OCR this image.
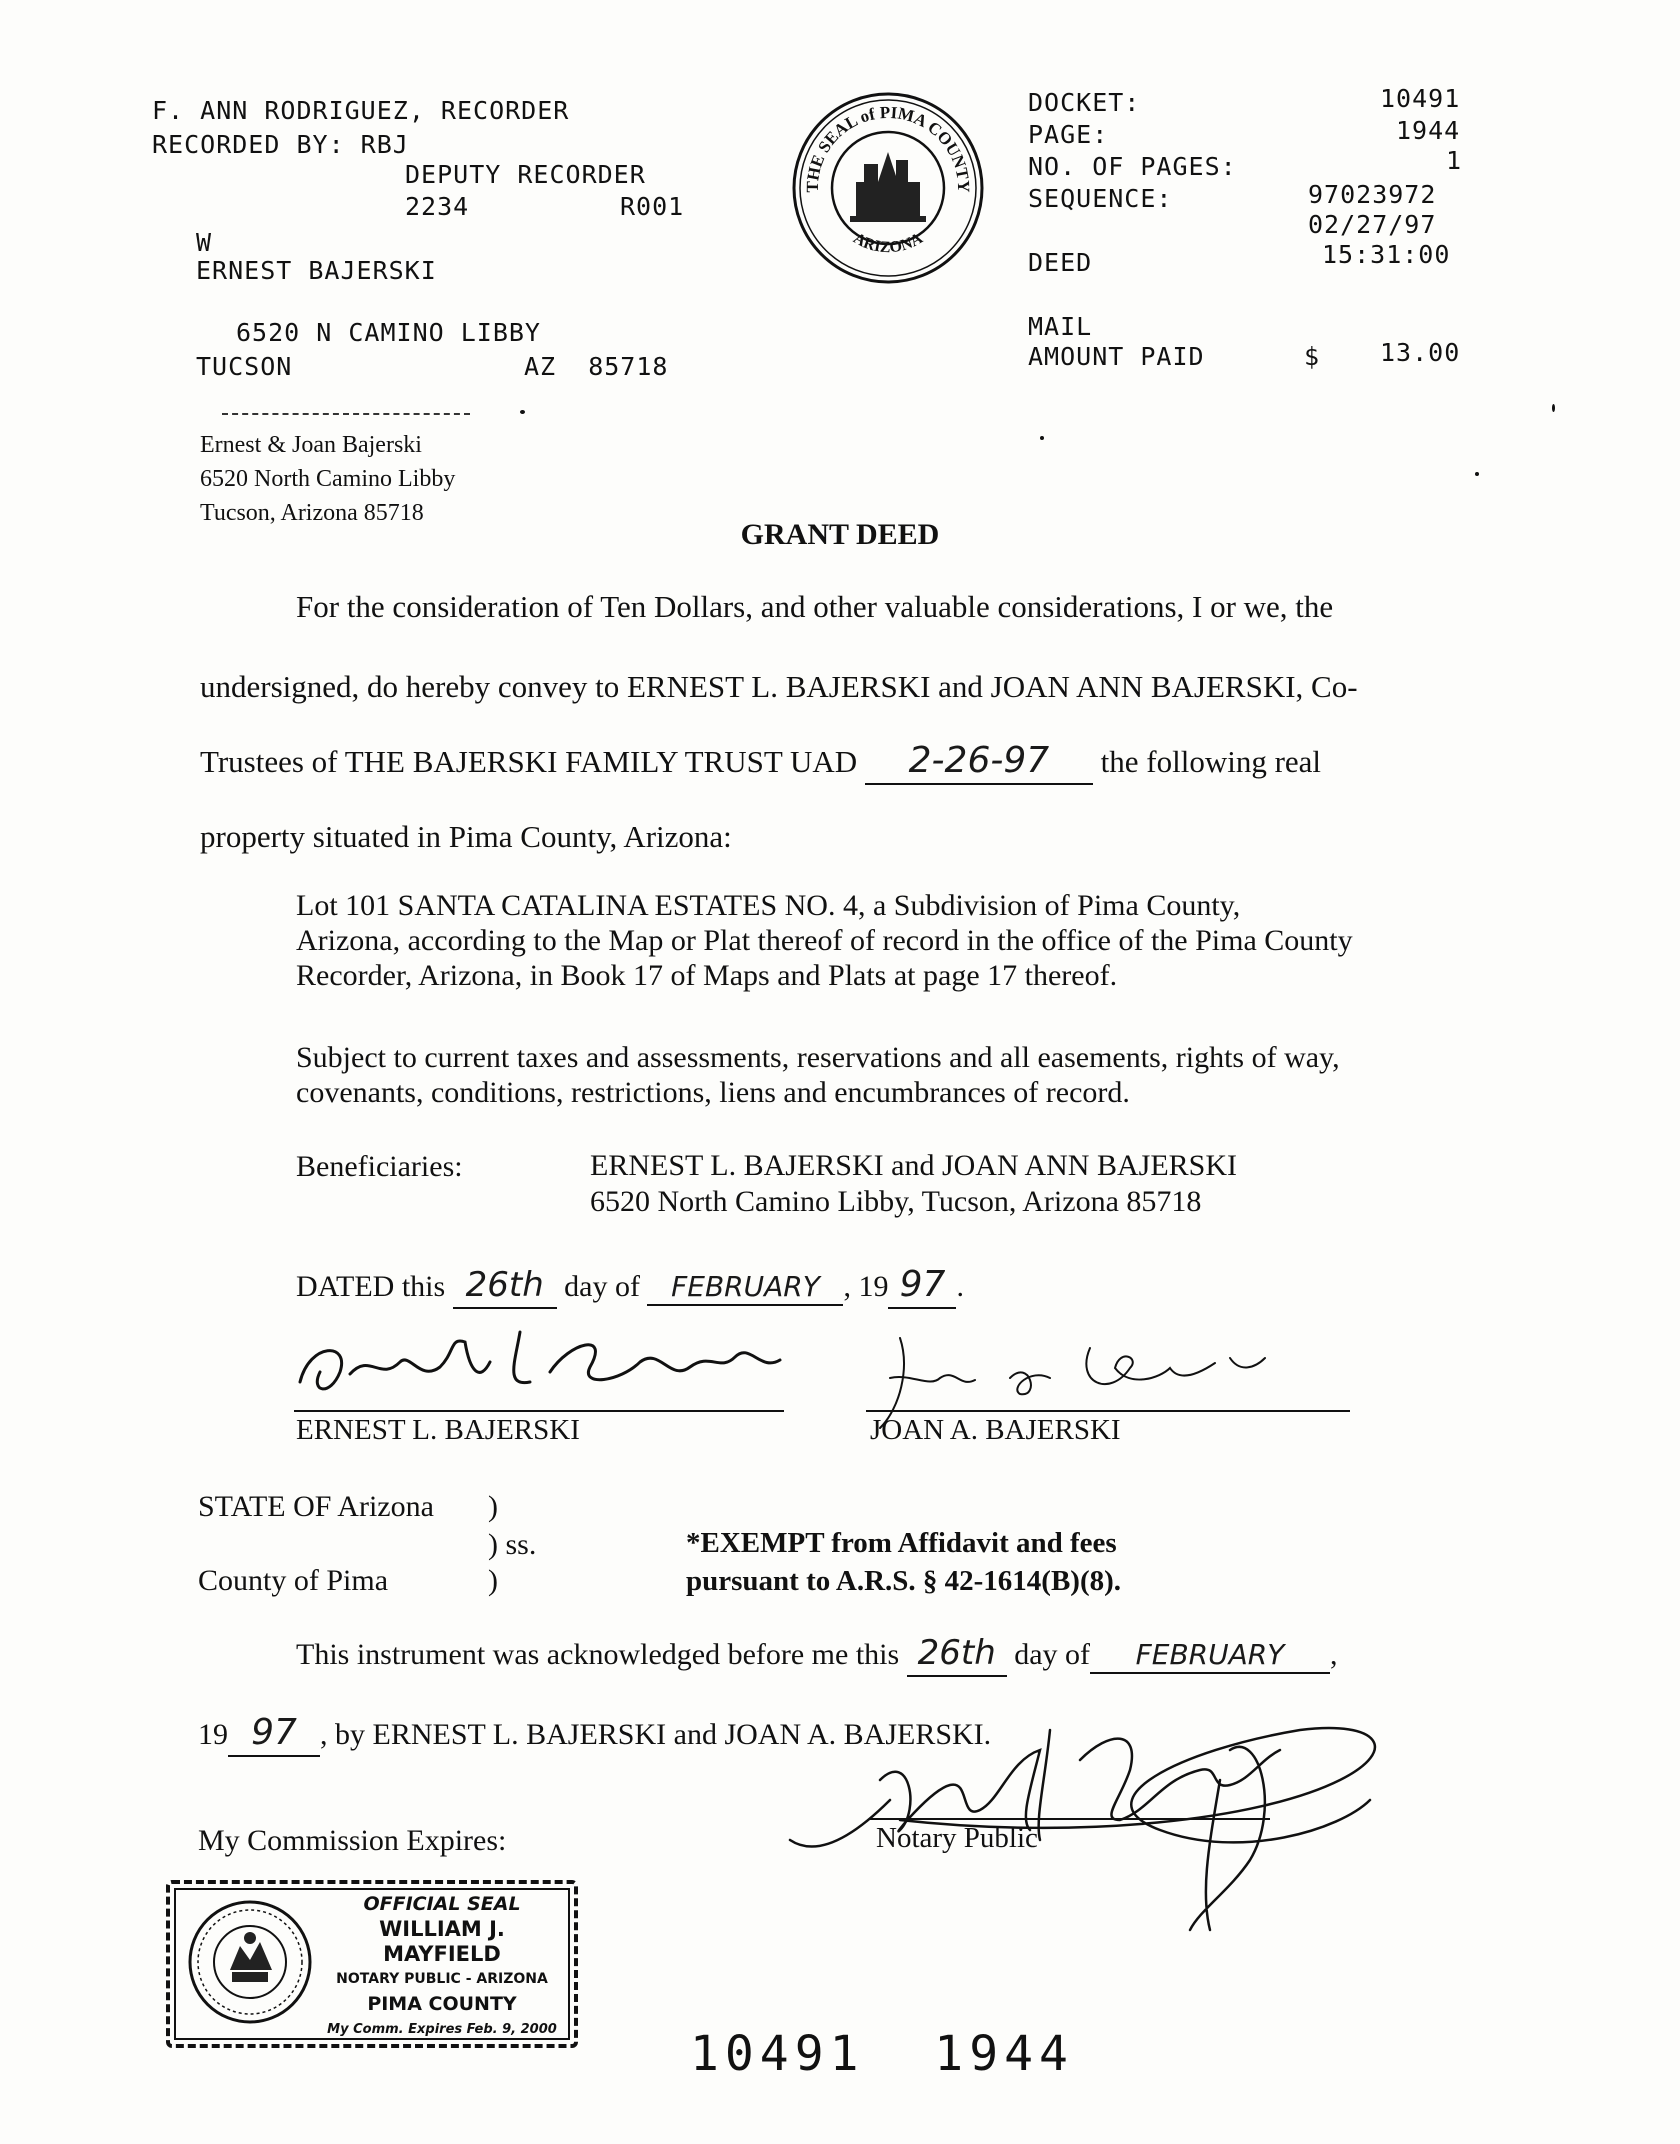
F. ANN RODRIGUEZ, RECORDER
RECORDED BY: RBJ
DEPUTY RECORDER
2234	R001
W
ERNEST BAJERSKI
6520 N CAMINO LIBBY
TUCSON	AZ  85718
THE SEAL of PIMA COUNTY
ARIZONA
DOCKET:	10491
PAGE:	1944
NO. OF PAGES:	1
SEQUENCE:	97023972
02/27/97
DEED	15:31:00
MAIL
AMOUNT PAID	$ 13.00
Ernest & Joan Bajerski
6520 North Camino Libby
Tucson, Arizona 85718
GRANT DEED
For the consideration of Ten Dollars, and other valuable considerations, I or we, the
undersigned, do hereby convey to ERNEST L. BAJERSKI and JOAN ANN BAJERSKI, Co-
Trustees of THE BAJERSKI FAMILY TRUST UAD 2-26-97 the following real
property situated in Pima County, Arizona:
Lot 101 SANTA CATALINA ESTATES NO. 4, a Subdivision of Pima County,
Arizona, according to the Map or Plat thereof of record in the office of the Pima County
Recorder, Arizona, in Book 17 of Maps and Plats at page 17 thereof.
Subject to current taxes and assessments, reservations and all easements, rights of way,
covenants, conditions, restrictions, liens and encumbrances of record.
Beneficiaries:	ERNEST L. BAJERSKI and JOAN ANN BAJERSKI
6520 North Camino Libby, Tucson, Arizona 85718
DATED this 26th day of FEBRUARY , 19 97 .
ERNEST L. BAJERSKI	JOAN A. BAJERSKI
STATE OF Arizona )
) ss.
County of Pima	)
*EXEMPT from Affidavit and fees
pursuant to A.R.S. § 42-1614(B)(8).
This instrument was acknowledged before me this 26th day of FEBRUARY ,
19 97 , by ERNEST L. BAJERSKI and JOAN A. BAJERSKI.
Notary Public
My Commission Expires:
OFFICIAL SEAL
WILLIAM J. MAYFIELD
NOTARY PUBLIC - ARIZONA
PIMA COUNTY
My Comm. Expires Feb. 9, 2000	10491  1944
